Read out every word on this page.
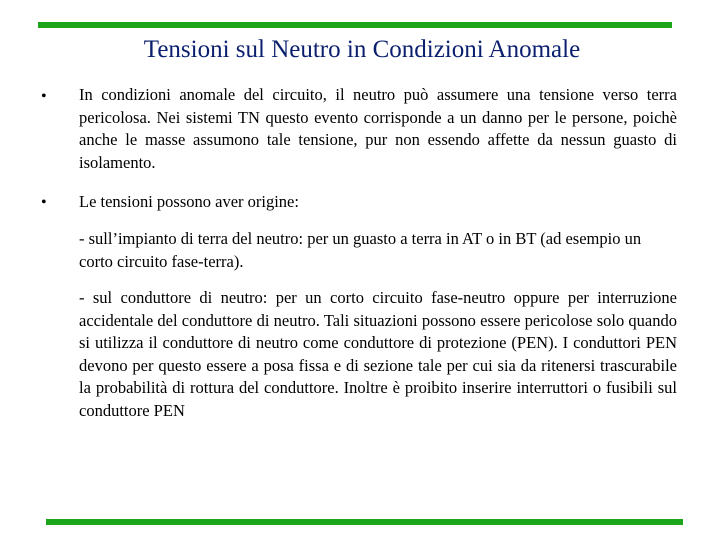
Tensioni sul Neutro in Condizioni Anomale
• In condizioni anomale del circuito, il neutro può assumere una tensione verso terra pericolosa. Nei sistemi TN questo evento corrisponde a un danno per le persone, poichè anche le masse assumono tale tensione, pur non essendo affette da nessun guasto di isolamento.
• Le tensioni possono aver origine:
- sull’impianto di terra del neutro: per un guasto a terra in AT o in BT (ad esempio un corto circuito fase-terra).
- sul conduttore di neutro: per un corto circuito fase-neutro oppure per interruzione accidentale del conduttore di neutro. Tali situazioni possono essere pericolose solo quando si utilizza il conduttore di neutro come conduttore di protezione (PEN). I conduttori PEN devono per questo essere a posa fissa e di sezione tale per cui sia da ritenersi trascurabile la probabilità di rottura del conduttore. Inoltre è proibito inserire interruttori o fusibili sul conduttore PEN
